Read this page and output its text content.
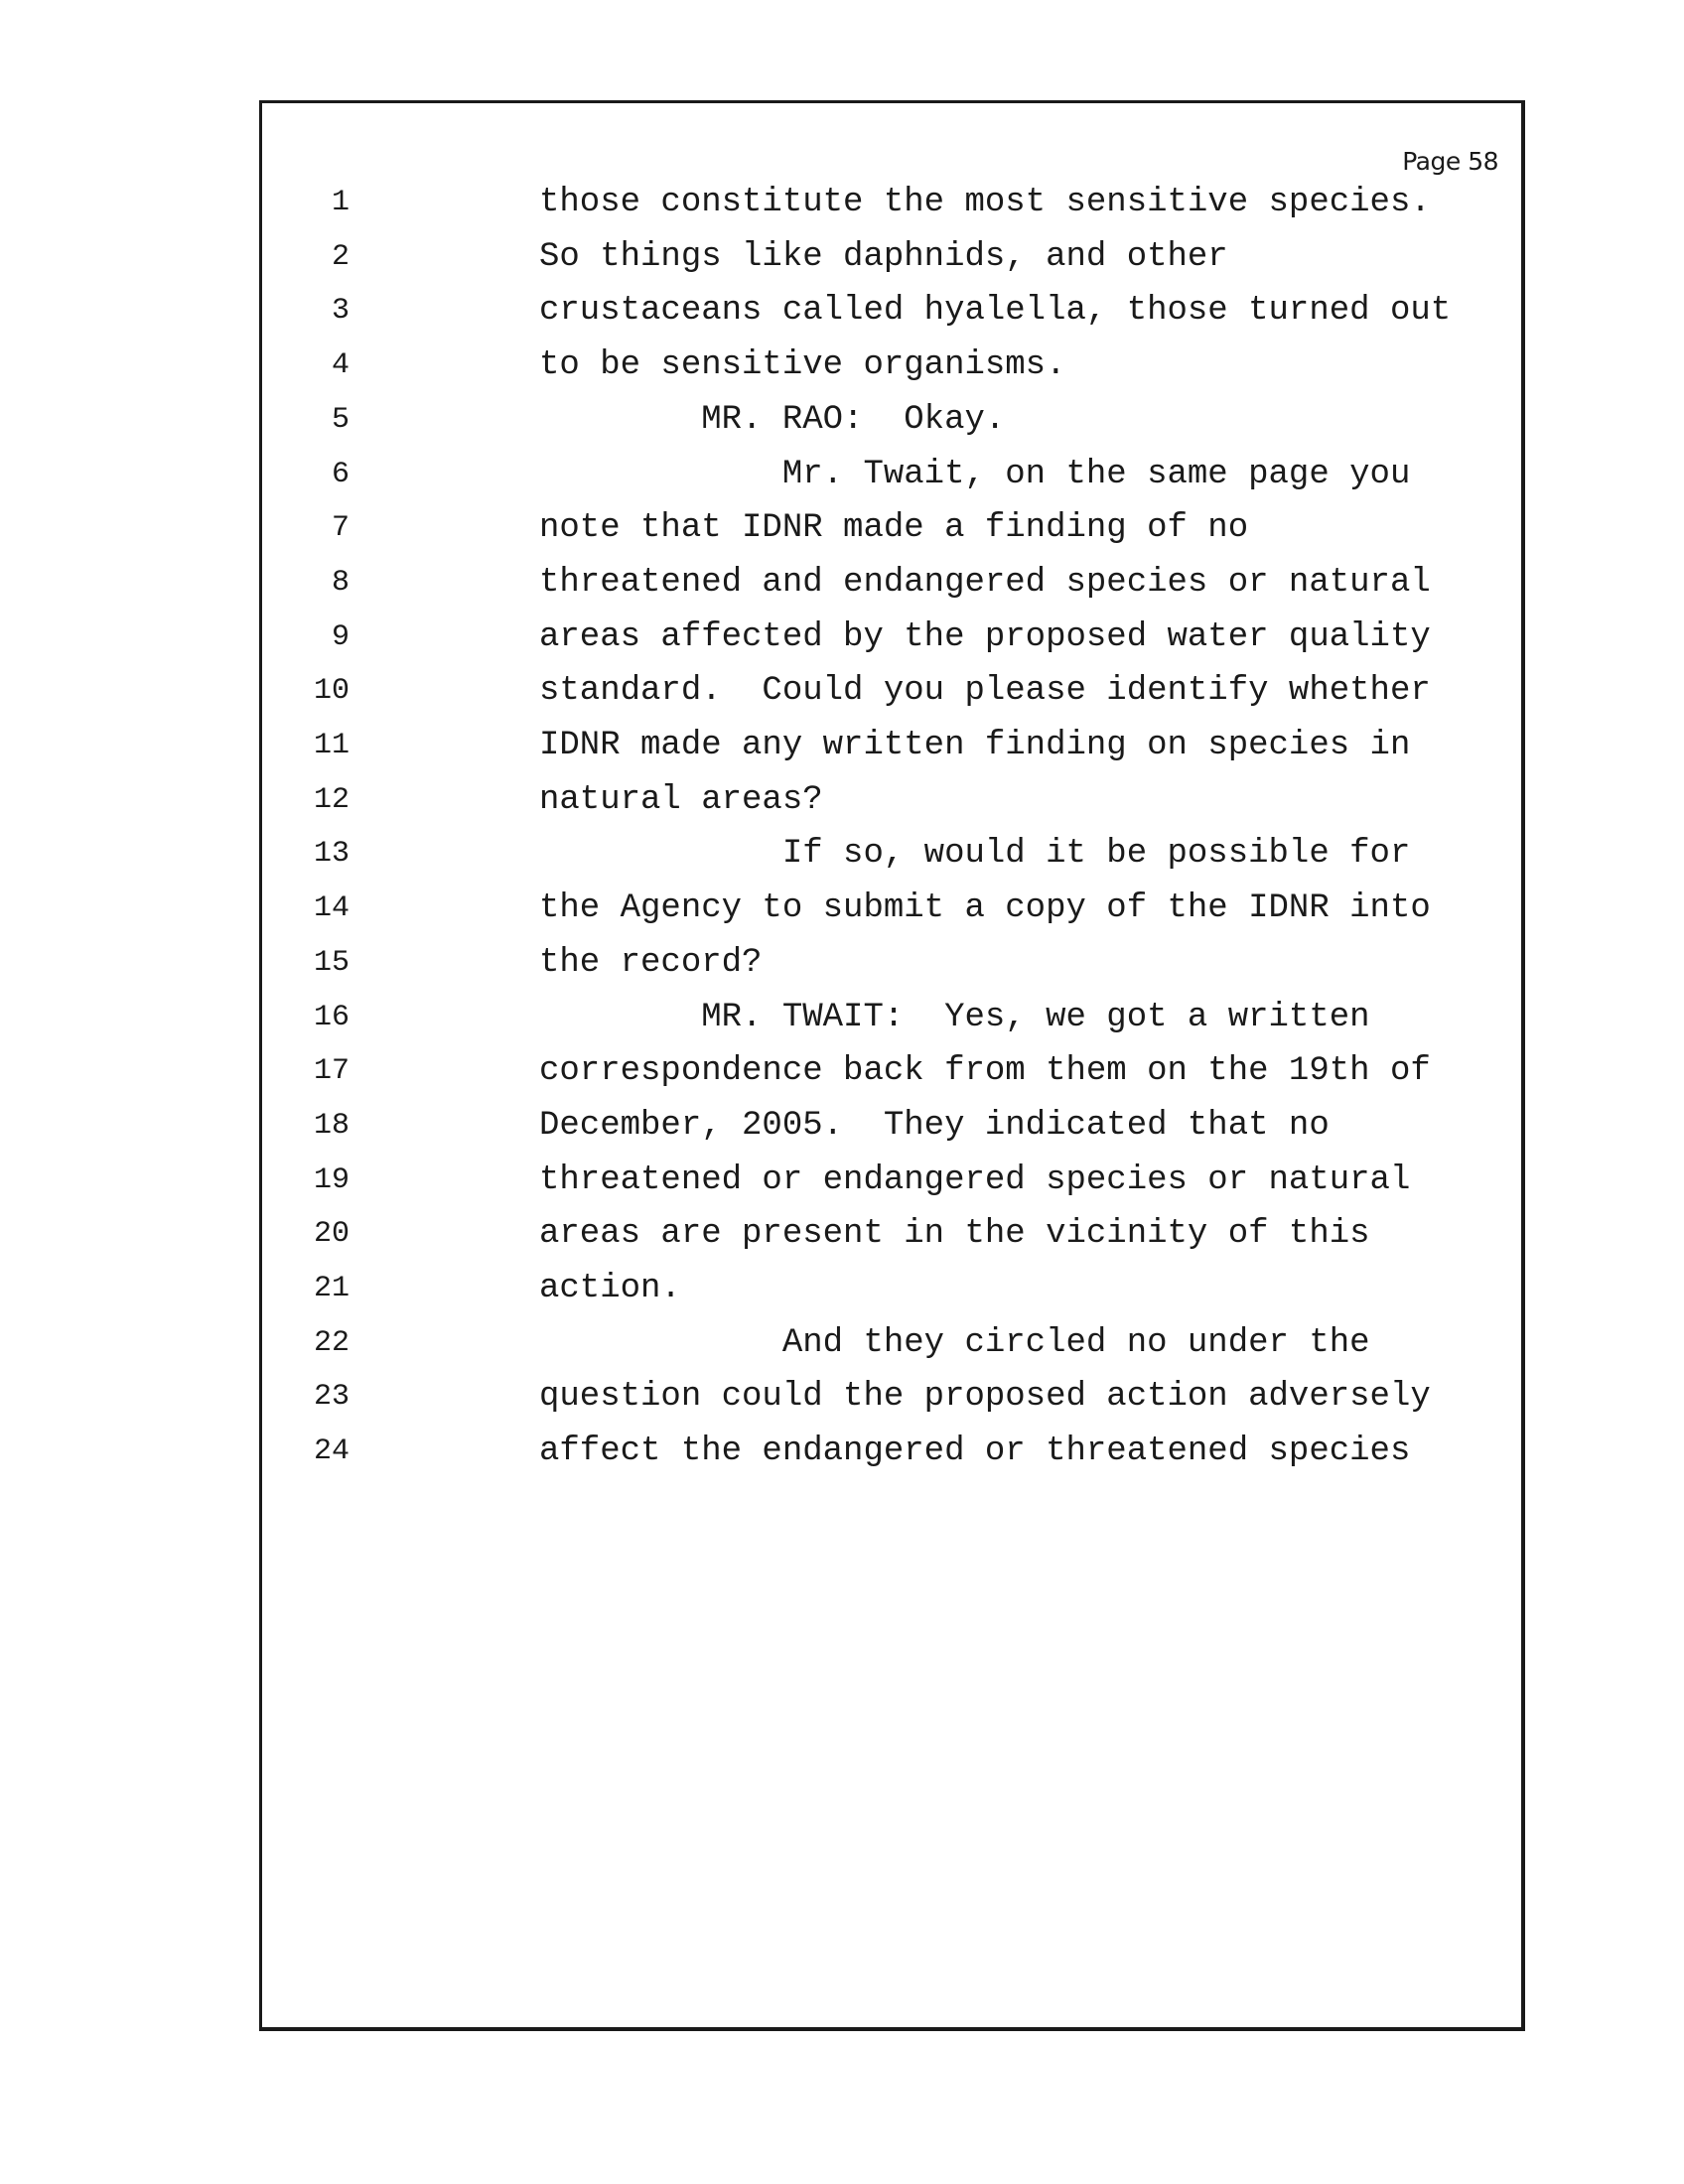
Page 58
1	those constitute the most sensitive species.
2	So things like daphnids, and other
3	crustaceans called hyalella, those turned out
4	to be sensitive organisms.
5	MR. RAO:  Okay.
6	Mr. Twait, on the same page you
7	note that IDNR made a finding of no
8	threatened and endangered species or natural
9	areas affected by the proposed water quality
10	standard.  Could you please identify whether
11	IDNR made any written finding on species in
12	natural areas?
13	If so, would it be possible for
14	the Agency to submit a copy of the IDNR into
15	the record?
16	MR. TWAIT:  Yes, we got a written
17	correspondence back from them on the 19th of
18	December, 2005.  They indicated that no
19	threatened or endangered species or natural
20	areas are present in the vicinity of this
21	action.
22	And they circled no under the
23	question could the proposed action adversely
24	affect the endangered or threatened species
